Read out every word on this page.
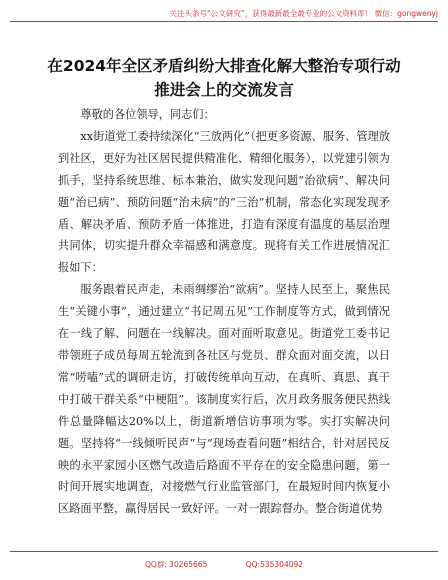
关注头条号“公文研究”，获得最新最全最专业的公文资料库！ 微信：gongwenyj
在2024年全区矛盾纠纷大排查化解大整治专项行动推进会上的交流发言

尊敬的各位领导，同志们：

xx街道党工委持续深化“三放两化”（把更多资源、服务、管理放到社区，更好为社区居民提供精准化、精细化服务），以党建引领为抓手，坚持系统思维、标本兼治，做实发现问题“治欲病”、解决问题“治已病”、预防问题“治未病”的“三治”机制，常态化实现发现矛盾、解决矛盾、预防矛盾一体推进，打造有深度有温度的基层治理共同体，切实提升群众幸福感和满意度。现将有关工作进展情况汇报如下：

服务跟着民声走，未雨绸缪治“欲病”。坚持人民至上，聚焦民生“关键小事”，通过建立“书记周五见”工作制度等方式，做到情况在一线了解、问题在一线解决。面对面听取意见。街道党工委书记带领班子成员每周五轮流到各社区与党员、群众面对面交流，以日常“唠嗑”式的调研走访，打破传统单向互动，在真听、真思、真干中打破干群关系“中梗阻”。该制度实行后，次月政务服务便民热线件总量降幅达20%以上，街道新增信访事项为零。实打实解决问题。坚持将“一线倾听民声”与“现场查看问题”相结合，针对居民反映的永平家园小区燃气改造后路面不平存在的安全隐患问题，第一时间开展实地调查，对接燃气行业监管部门，在最短时间内恢复小区路面平整，赢得居民一致好评。一对一跟踪督办。整合街道优势

QQ群: 30265665	QQ:535304092
